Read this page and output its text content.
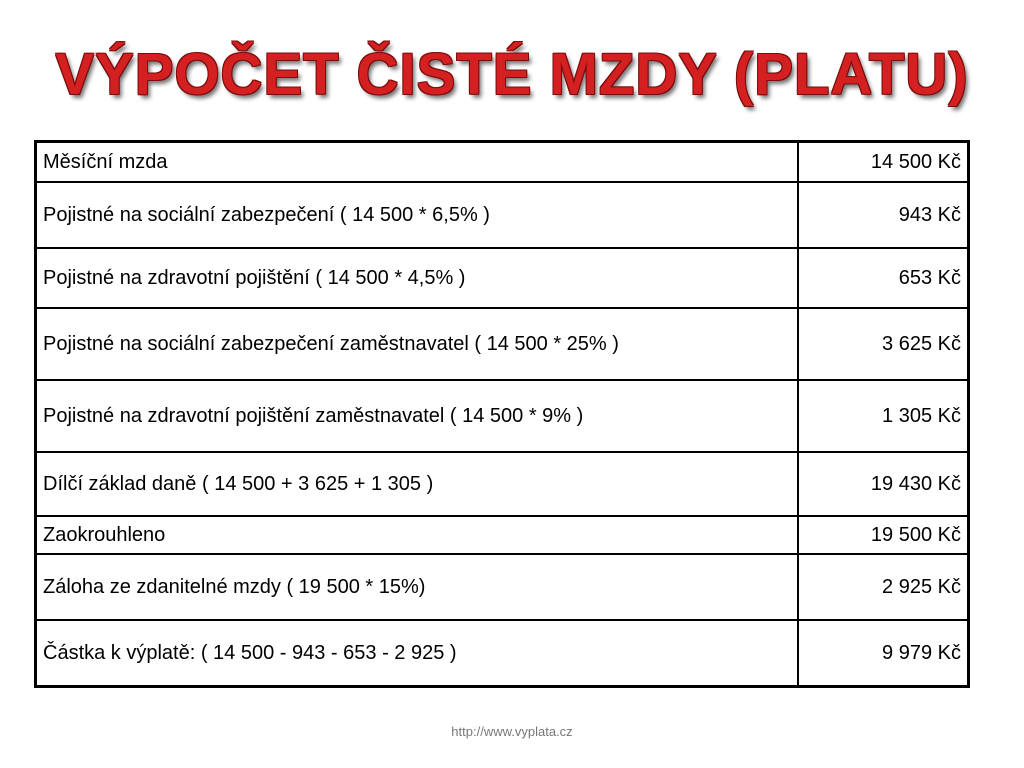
VÝPOČET ČISTÉ MZDY (PLATU)
Měsíční mzda	14 500 Kč
Pojistné na sociální zabezpečení ( 14 500 * 6,5% )	943 Kč
Pojistné na zdravotní pojištění ( 14 500 * 4,5% )	653 Kč
Pojistné na sociální zabezpečení zaměstnavatel ( 14 500 * 25% )	3 625 Kč
Pojistné na zdravotní pojištění zaměstnavatel ( 14 500 * 9% )	1 305 Kč
Dílčí základ daně ( 14 500 + 3 625 + 1 305 )	19 430 Kč
Zaokrouhleno	19 500 Kč
Záloha ze zdanitelné mzdy ( 19 500 * 15%)	2 925 Kč
Částka k výplatě: ( 14 500 - 943 - 653 - 2 925 )	9 979 Kč
http://www.vyplata.cz
